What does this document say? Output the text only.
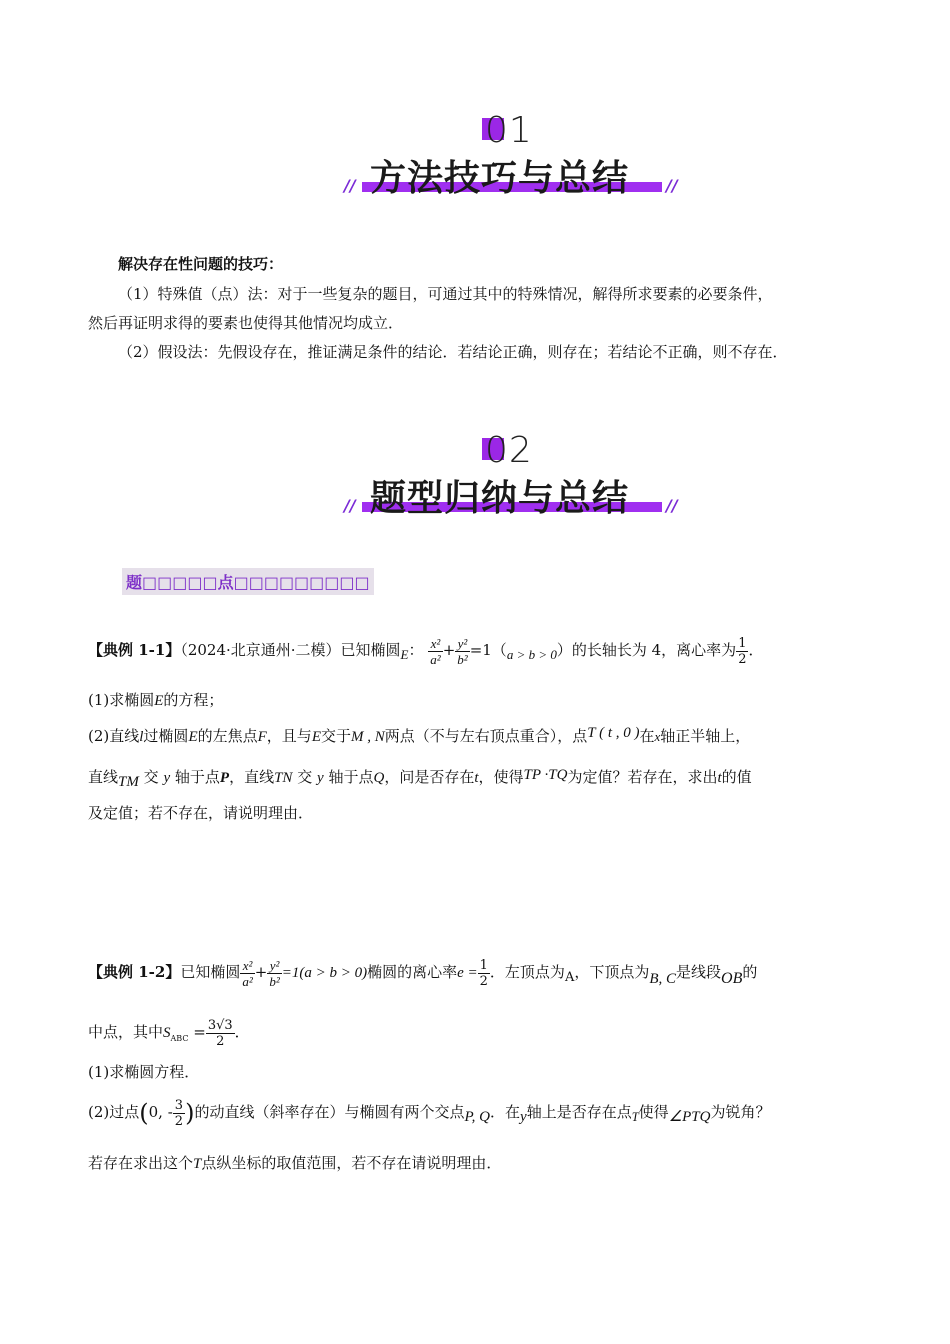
01
方法技巧与总结
//	//
解决存在性问题的技巧：
（1）特殊值（点）法：对于一些复杂的题目，可通过其中的特殊情况，解得所求要素的必要条件，
然后再证明求得的要素也使得其他情况均成立．
（2）假设法：先假设存在，推证满足条件的结论．若结论正确，则存在；若结论不正确，则不存在．
02
题型归纳与总结
//	//
题□□□□□点□□□□□□□□□
【典例 1-1】（2024·北京通州·二模）已知椭圆$_E$： $\frac{\text{x²}}{\text{a²}} + \frac{\text{y²}}{\text{b²}} =1(_{a > b > 0})$的长轴长为 4，离心率为 $\frac{1}{2}$ ．
(1)求椭圆E的方程；
(2)直线l过椭圆E的左焦点F，且与E交于M , N两点（不与左右顶点重合），点T ( t , 0 )在x轴正半轴上，
直线TM 交 y 轴于点P，直线TN 交 y 轴于点Q，问是否存在t，使得TP ·TQ为定值？若存在，求出t的值
及定值；若不存在，请说明理由．
【典例 1-2】已知椭圆 $\frac{\text{x²}}{\text{a²}} + \frac{\text{y²}}{\text{b²}} =1(a > b > 0)$椭圆的离心率$e = \frac{1}{2}$ ．左顶点为$_A$，下顶点为B, C是线段OB的
中点，其中$S_{ABC} = \frac{3√3}{2}$ ．
(1)求椭圆方程．
(2)过点(0, - $\frac{3}{2}$ )的动直线（斜率存在）与椭圆有两个交点P, Q．在y轴上是否存在点$_T$使得∠PTQ为锐角？
若存在求出这个T点纵坐标的取值范围，若不存在请说明理由．
